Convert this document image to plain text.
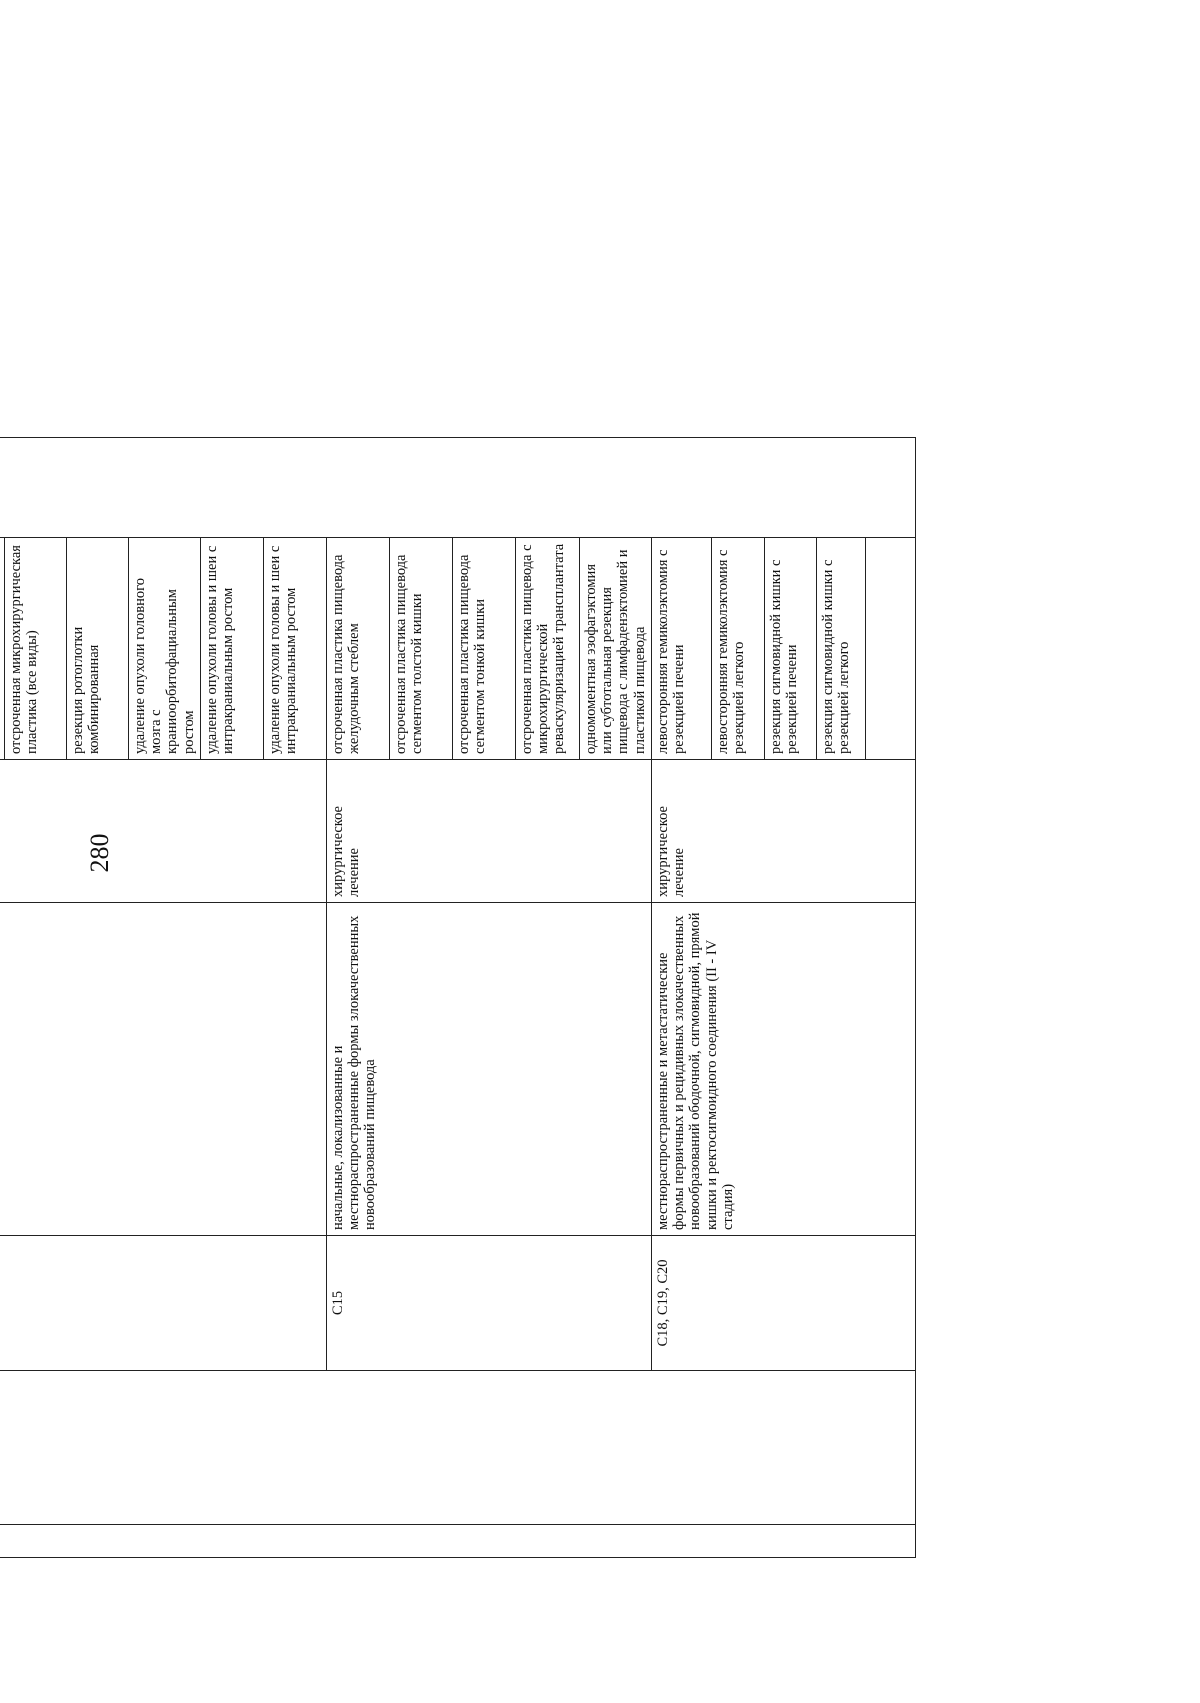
280

					отсроченная микрохирургическая пластика (все виды)	
					резекция ротоглотки комбинированная	
					удаление опухоли головного мозга с краниоорбитофациальным ростом	
					удаление опухоли головы и шеи с интракраниальным ростом	
					удаление опухоли головы и шеи с интракраниальным ростом	
		C15	начальные, локализованные и местнораспространенные формы злокачественных новообразований пищевода	хирургическое лечение	отсроченная пластика пищевода желудочным стеблем	
					отсроченная пластика пищевода сегментом толстой кишки	
					отсроченная пластика пищевода сегментом тонкой кишки	
					отсроченная пластика пищевода с микрохирургической реваскуляризацией трансплантата	
					одномоментная эзофагэктомия или субтотальная резекция пищевода с лимфаденэктомией и пластикой пищевода	
		C18, C19, C20	местнораспространенные и метастатические формы первичных и рецидивных злокачественных новообразований ободочной, сигмовидной, прямой кишки и ректосигмоидного соединения (II - IV стадия)	хирургическое лечение	левосторонняя гемиколэктомия с резекцией печени	
					левосторонняя гемиколэктомия с резекцией легкого	
					резекция сигмовидной кишки с резекцией печени	
					резекция сигмовидной кишки с резекцией легкого	
